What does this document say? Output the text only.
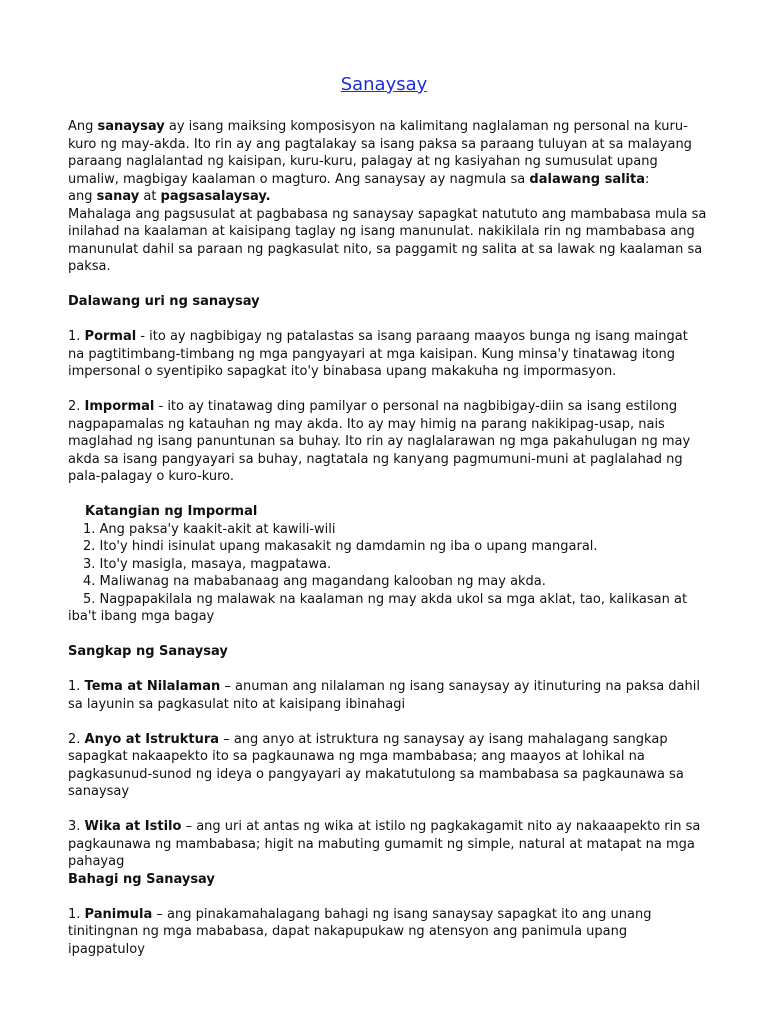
Sanaysay

Ang sanaysay ay isang maiksing komposisyon na kalimitang naglalaman ng personal na kuru-kuro ng may-akda. Ito rin ay ang pagtalakay sa isang paksa sa paraang tuluyan at sa malayang paraang naglalantad ng kaisipan, kuru-kuru, palagay at ng kasiyahan ng sumusulat upang umaliw, magbigay kaalaman o magturo. Ang sanaysay ay nagmula sa dalawang salita:

ang sanay at pagsasalaysay.

Mahalaga ang pagsusulat at pagbabasa ng sanaysay sapagkat natututo ang mambabasa mula sa inilahad na kaalaman at kaisipang taglay ng isang manunulat. nakikilala rin ng mambabasa ang manunulat dahil sa paraan ng pagkasulat nito, sa paggamit ng salita at sa lawak ng kaalaman sa paksa.

Dalawang uri ng sanaysay

1. Pormal - ito ay nagbibigay ng patalastas sa isang paraang maayos bunga ng isang maingat na pagtitimbang-timbang ng mga pangyayari at mga kaisipan. Kung minsa'y tinatawag itong impersonal o syentipiko sapagkat ito'y binabasa upang makakuha ng impormasyon.

2. Impormal - ito ay tinatawag ding pamilyar o personal na nagbibigay-diin sa isang estilong nagpapamalas ng katauhan ng may akda. Ito ay may himig na parang nakikipag-usap, nais maglahad ng isang panuntunan sa buhay. Ito rin ay naglalarawan ng mga pakahulugan ng may akda sa isang pangyayari sa buhay, nagtatala ng kanyang pagmumuni-muni at paglalahad ng pala-palagay o kuro-kuro.

Katangian ng Impormal

1. Ang paksa'y kaakit-akit at kawili-wili
2. Ito'y hindi isinulat upang makasakit ng damdamin ng iba o upang mangaral.
3. Ito'y masigla, masaya, magpatawa.
4. Maliwanag na mababanaag ang magandang kalooban ng may akda.
5. Nagpapakilala ng malawak na kaalaman ng may akda ukol sa mga aklat, tao, kalikasan at iba't ibang mga bagay

Sangkap ng Sanaysay

1. Tema at Nilalaman – anuman ang nilalaman ng isang sanaysay ay itinuturing na paksa dahil sa layunin sa pagkasulat nito at kaisipang ibinahagi

2. Anyo at Istruktura – ang anyo at istruktura ng sanaysay ay isang mahalagang sangkap sapagkat nakaapekto ito sa pagkaunawa ng mga mambabasa; ang maayos at lohikal na pagkasunud-sunod ng ideya o pangyayari ay makatutulong sa mambabasa sa pagkaunawa sa sanaysay

3. Wika at Istilo – ang uri at antas ng wika at istilo ng pagkakagamit nito ay nakaaapekto rin sa pagkaunawa ng mambabasa; higit na mabuting gumamit ng simple, natural at matapat na mga pahayag

Bahagi ng Sanaysay

1. Panimula – ang pinakamahalagang bahagi ng isang sanaysay sapagkat ito ang unang tinitingnan ng mga mababasa, dapat nakapupukaw ng atensyon ang panimula upang ipagpatuloy
